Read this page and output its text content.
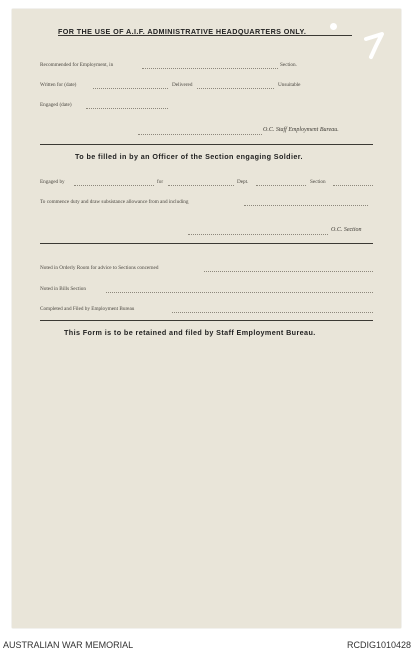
FOR THE USE OF A.I.F. ADMINISTRATIVE HEADQUARTERS ONLY.
Recommended for Employment, in	Section.
Written for (date)	Delivered	Unsuitable
Engaged (date)
O.C. Staff Employment Bureau.
To be filled in by an Officer of the Section engaging Soldier.
Engaged by	for	Dept.	Section
To commence duty and draw subsistance allowance from and including
O.C. Section
Noted in Orderly Room for advice to Sections concerned
Noted in Bills Section
Completed and Filed by Employment Bureau
This Form is to be retained and filed by Staff Employment Bureau.
AUSTRALIAN WAR MEMORIAL	RCDIG1010428
